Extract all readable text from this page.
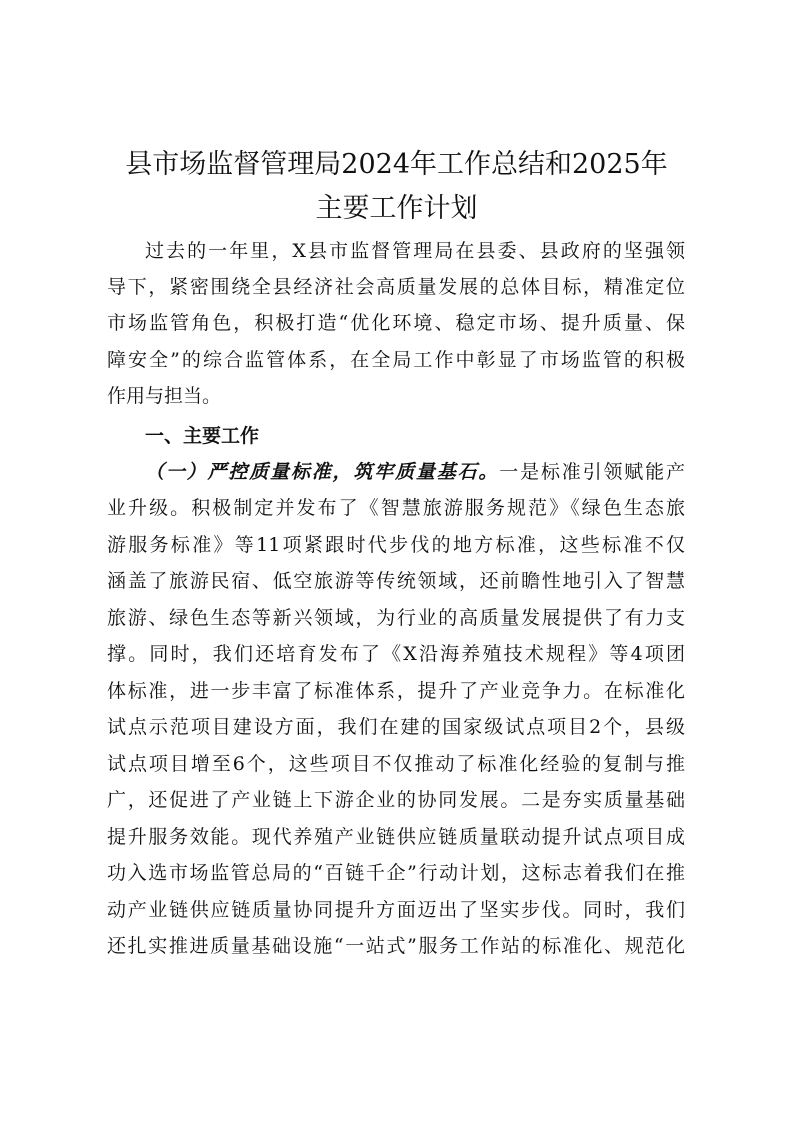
县市场监督管理局2024年工作总结和2025年
主要工作计划
过去的一年里，X县市监督管理局在县委、县政府的坚强领
导下，紧密围绕全县经济社会高质量发展的总体目标，精准定位
市场监管角色，积极打造“优化环境、稳定市场、提升质量、保
障安全”的综合监管体系，在全局工作中彰显了市场监管的积极
作用与担当。
一、主要工作
（一）严控质量标准，筑牢质量基石。一是标准引领赋能产
业升级。积极制定并发布了《智慧旅游服务规范》《绿色生态旅
游服务标准》等11项紧跟时代步伐的地方标准，这些标准不仅
涵盖了旅游民宿、低空旅游等传统领域，还前瞻性地引入了智慧
旅游、绿色生态等新兴领域，为行业的高质量发展提供了有力支
撑。同时，我们还培育发布了《X沿海养殖技术规程》等4项团
体标准，进一步丰富了标准体系，提升了产业竞争力。在标准化
试点示范项目建设方面，我们在建的国家级试点项目2个，县级
试点项目增至6个，这些项目不仅推动了标准化经验的复制与推
广，还促进了产业链上下游企业的协同发展。二是夯实质量基础
提升服务效能。现代养殖产业链供应链质量联动提升试点项目成
功入选市场监管总局的“百链千企”行动计划，这标志着我们在推
动产业链供应链质量协同提升方面迈出了坚实步伐。同时，我们
还扎实推进质量基础设施“一站式”服务工作站的标准化、规范化
